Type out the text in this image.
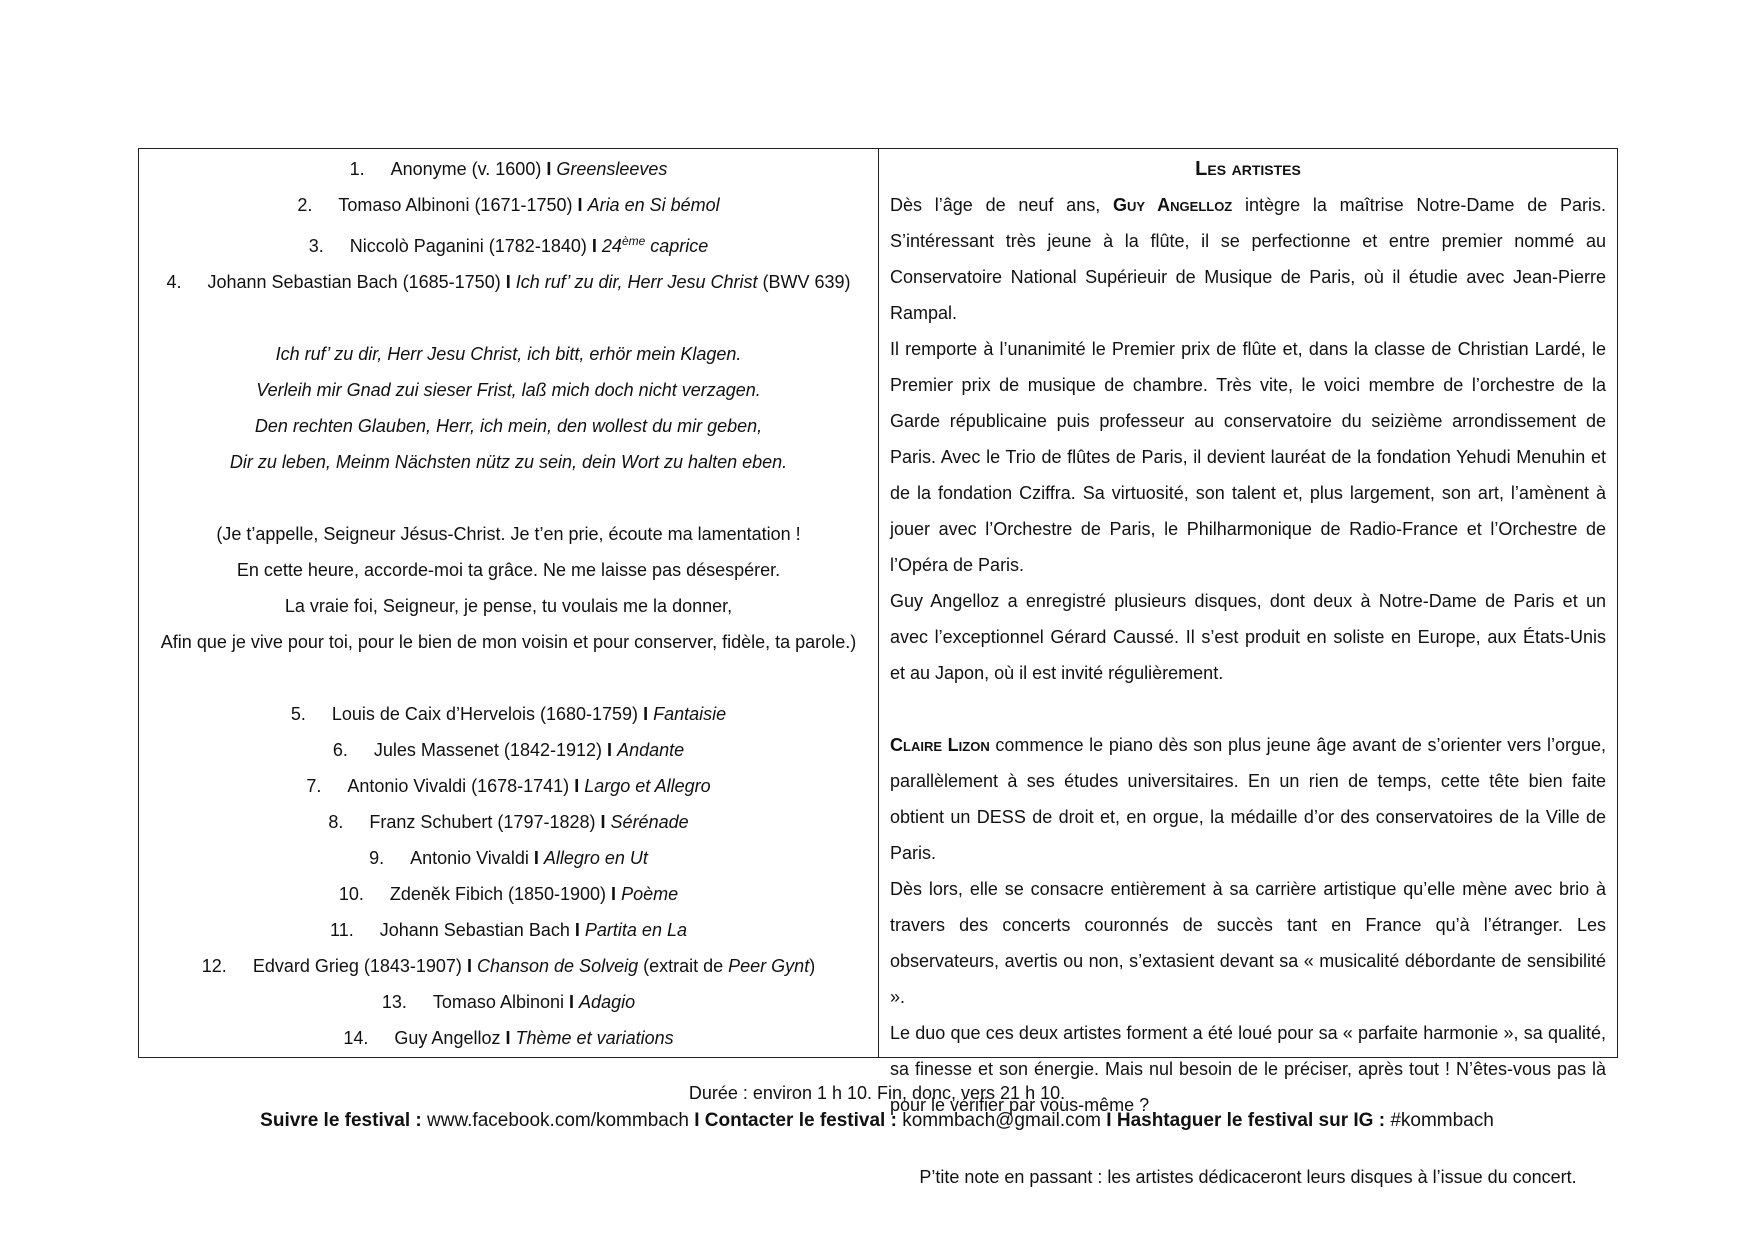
1. Anonyme (v. 1600) I Greensleeves
2. Tomaso Albinoni (1671-1750) I Aria en Si bémol
3. Niccolò Paganini (1782-1840) I 24ème caprice
4. Johann Sebastian Bach (1685-1750) I Ich ruf’ zu dir, Herr Jesu Christ (BWV 639)
Ich ruf’ zu dir, Herr Jesu Christ, ich bitt, erhör mein Klagen.
Verleih mir Gnad zui sieser Frist, laß mich doch nicht verzagen.
Den rechten Glauben, Herr, ich mein, den wollest du mir geben,
Dir zu leben, Meinm Nächsten nütz zu sein, dein Wort zu halten eben.
(Je t’appelle, Seigneur Jésus-Christ. Je t’en prie, écoute ma lamentation !
En cette heure, accorde-moi ta grâce. Ne me laisse pas désespérer.
La vraie foi, Seigneur, je pense, tu voulais me la donner,
Afin que je vive pour toi, pour le bien de mon voisin et pour conserver, fidèle, ta parole.)
5. Louis de Caix d’Hervelois (1680-1759) I Fantaisie
6. Jules Massenet (1842-1912) I Andante
7. Antonio Vivaldi (1678-1741) I Largo et Allegro
8. Franz Schubert (1797-1828) I Sérénade
9. Antonio Vivaldi I Allegro en Ut
10. Zdeněk Fibich (1850-1900) I Poème
11. Johann Sebastian Bach I Partita en La
12. Edvard Grieg (1843-1907) I Chanson de Solveig (extrait de Peer Gynt)
13. Tomaso Albinoni I Adagio
14. Guy Angelloz I Thème et variations
Les artistes

Dès l’âge de neuf ans, Guy Angelloz intègre la maîtrise Notre-Dame de Paris. S’intéressant très jeune à la flûte, il se perfectionne et entre premier nommé au Conservatoire National Supérieuir de Musique de Paris, où il étudie avec Jean-Pierre Rampal.

Il remporte à l’unanimité le Premier prix de flûte et, dans la classe de Christian Lardé, le Premier prix de musique de chambre. Très vite, le voici membre de l’orchestre de la Garde républicaine puis professeur au conservatoire du seizième arrondissement de Paris. Avec le Trio de flûtes de Paris, il devient lauréat de la fondation Yehudi Menuhin et de la fondation Cziffra. Sa virtuosité, son talent et, plus largement, son art, l’amènent à jouer avec l’Orchestre de Paris, le Philharmonique de Radio-France et l’Orchestre de l’Opéra de Paris.

Guy Angelloz a enregistré plusieurs disques, dont deux à Notre-Dame de Paris et un avec l’exceptionnel Gérard Caussé. Il s’est produit en soliste en Europe, aux États-Unis et au Japon, où il est invité régulièrement.

Claire Lizon commence le piano dès son plus jeune âge avant de s’orienter vers l’orgue, parallèlement à ses études universitaires. En un rien de temps, cette tête bien faite obtient un DESS de droit et, en orgue, la médaille d’or des conservatoires de la Ville de Paris.

Dès lors, elle se consacre entièrement à sa carrière artistique qu’elle mène avec brio à travers des concerts couronnés de succès tant en France qu’à l’étranger. Les observateurs, avertis ou non, s’extasient devant sa « musicalité débordante de sensibilité ».

Le duo que ces deux artistes forment a été loué pour sa « parfaite harmonie », sa qualité, sa finesse et son énergie. Mais nul besoin de le préciser, après tout ! N’êtes-vous pas là pour le vérifier par vous-même ?

P’tite note en passant : les artistes dédicaceront leurs disques à l’issue du concert.

Durée : environ 1 h 10. Fin, donc, vers 21 h 10.
Suivre le festival : www.facebook.com/kommbach I Contacter le festival : kommbach@gmail.com I Hashtaguer le festival sur IG : #kommbach
